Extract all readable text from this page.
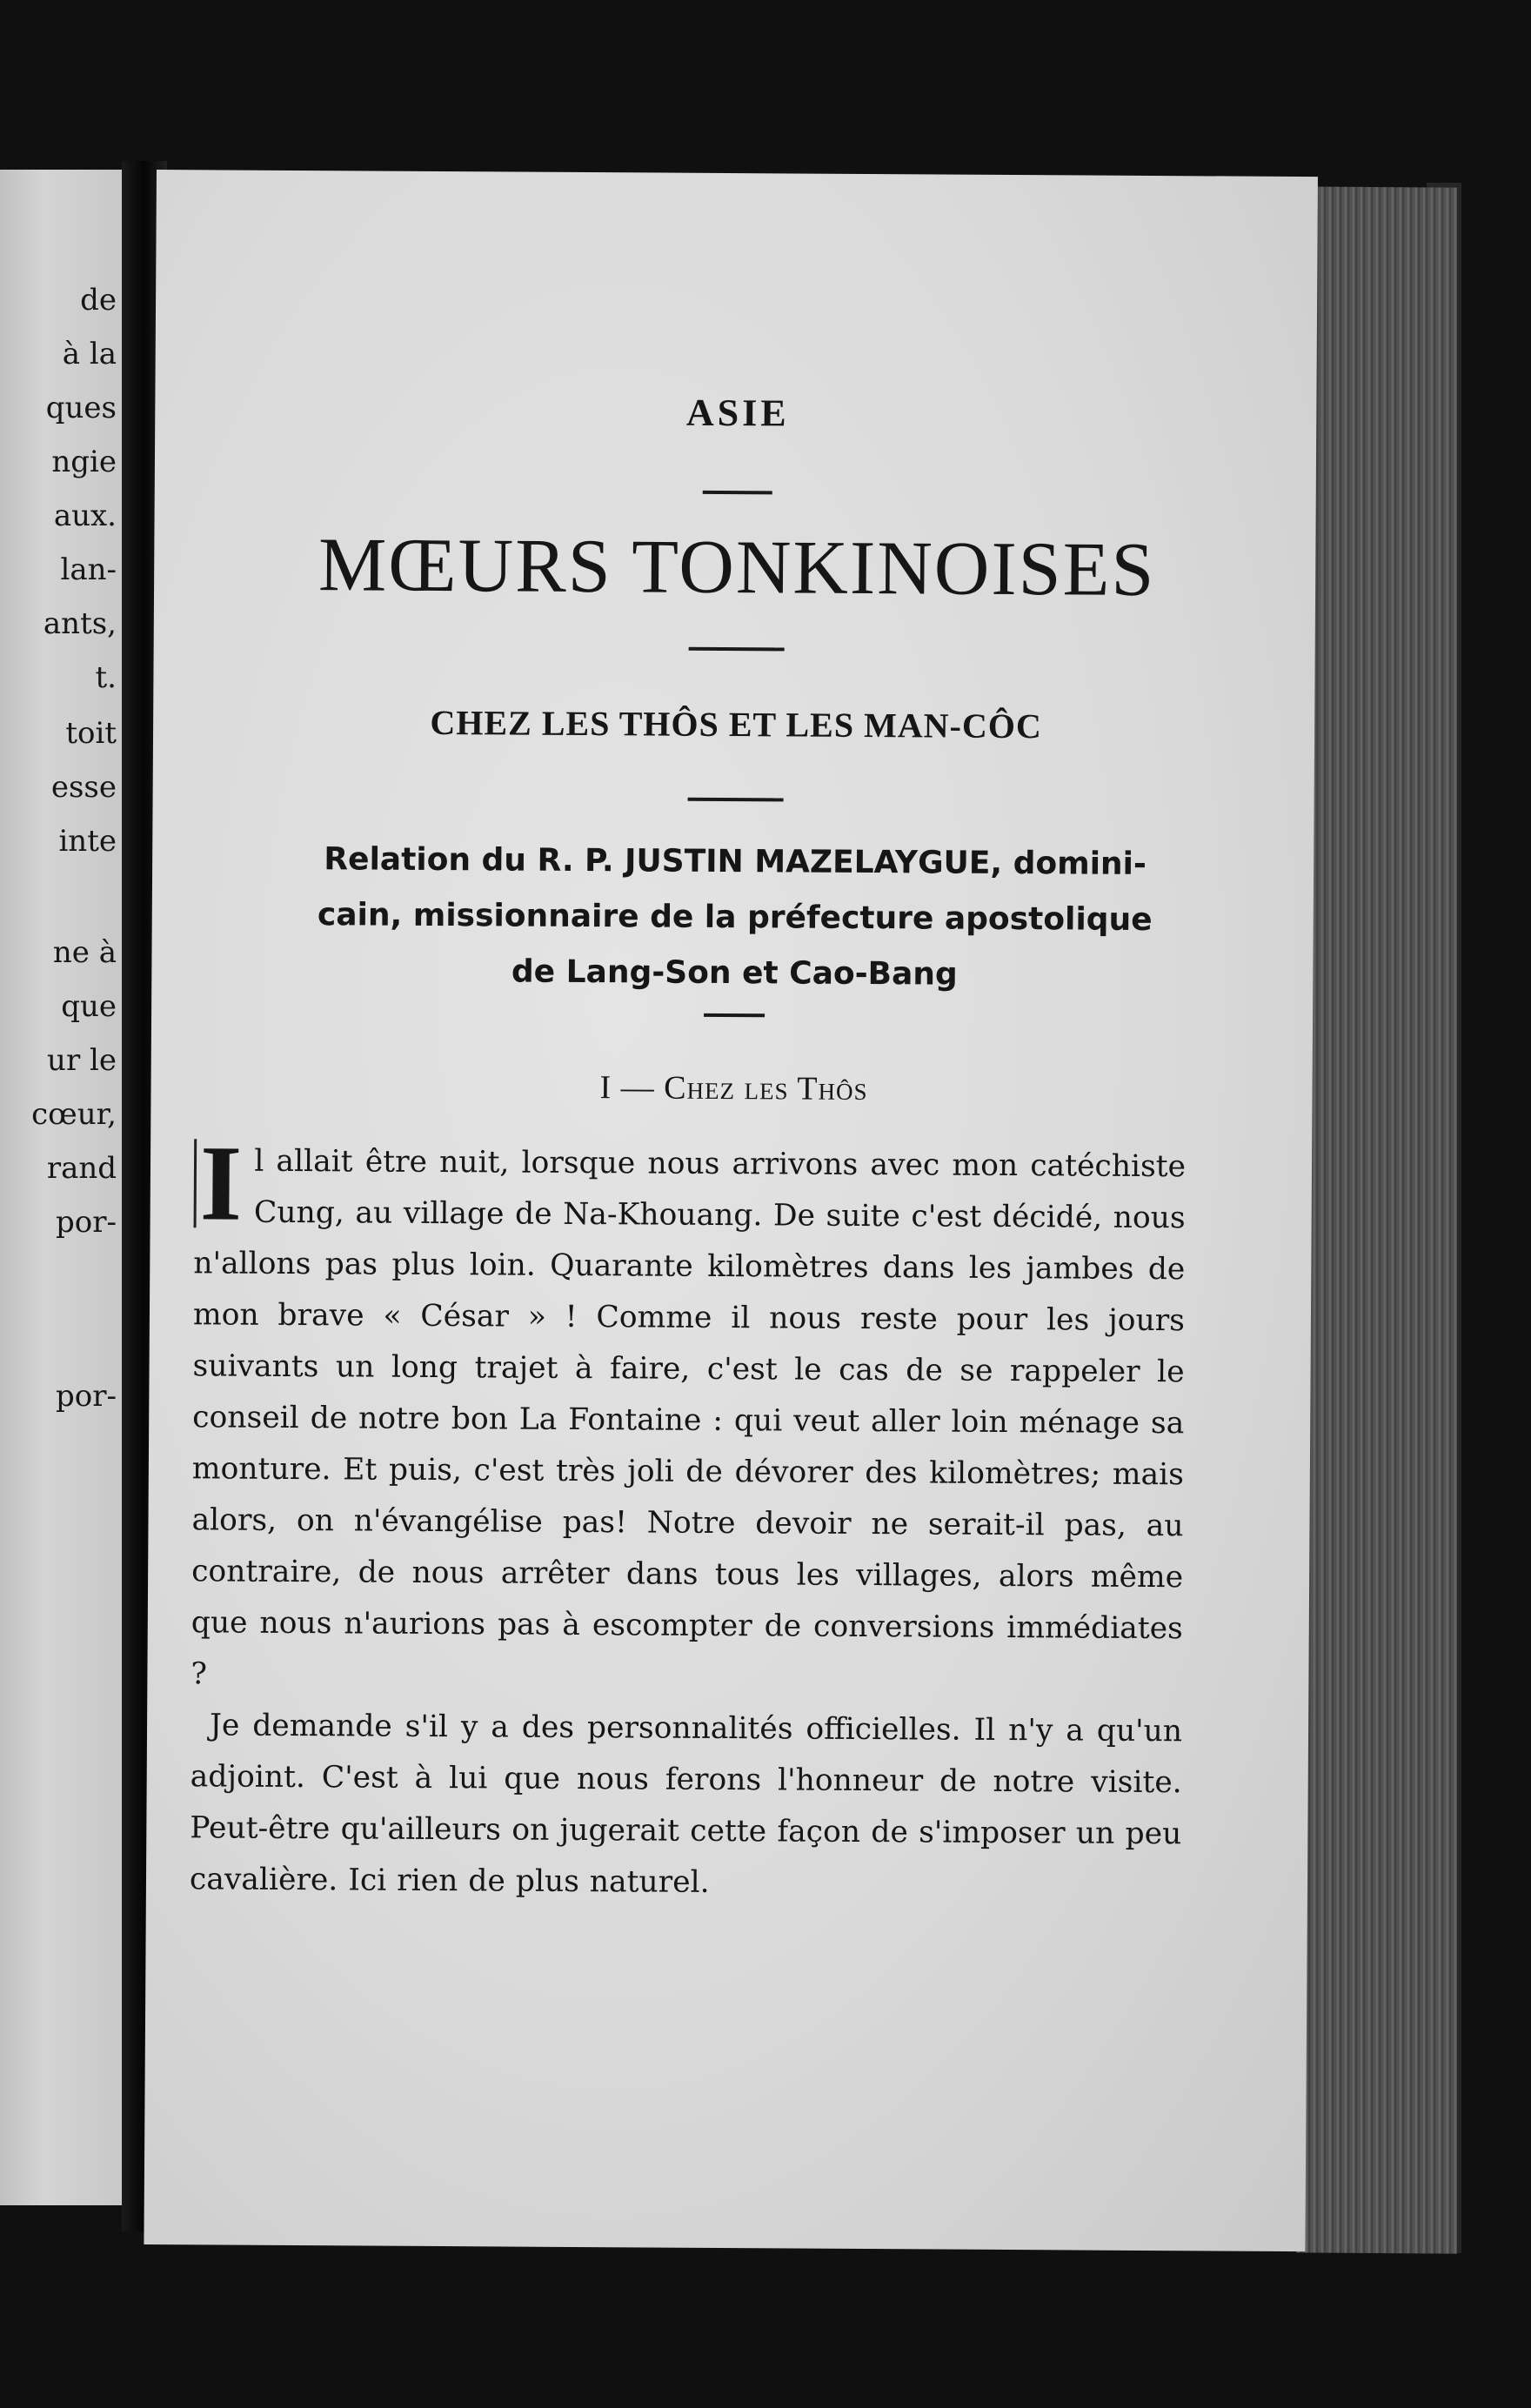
de
à la
ques
ngie
aux.
lan-
ants,
t.
toit
esse
inte
ne à
que
ur le
cœur,
rand
por-
por-
ASIE
MŒURS TONKINOISES
CHEZ LES THÔS ET LES MAN-CÔC
Relation du R. P. JUSTIN MAZELAYGUE, domini-
cain, missionnaire de la préfecture apostolique
de Lang-Son et Cao-Bang
I — Chez les Thôs

I l allait être nuit, lorsque nous arrivons avec mon catéchiste Cung, au village de Na-Khouang. De suite c'est décidé, nous n'allons pas plus loin. Quarante kilomètres dans les jambes de mon brave « César » ! Comme il nous reste pour les jours suivants un long trajet à faire, c'est le cas de se rappeler le conseil de notre bon La Fontaine : qui veut aller loin ménage sa monture. Et puis, c'est très joli de dévorer des kilomètres; mais alors, on n'évangélise pas! Notre devoir ne serait-il pas, au contraire, de nous arrêter dans tous les villages, alors même que nous n'aurions pas à escompter de conversions immédiates ?

Je demande s'il y a des personnalités officielles. Il n'y a qu'un adjoint. C'est à lui que nous ferons l'honneur de notre visite. Peut-être qu'ailleurs on jugerait cette façon de s'imposer un peu cavalière. Ici rien de plus naturel.
